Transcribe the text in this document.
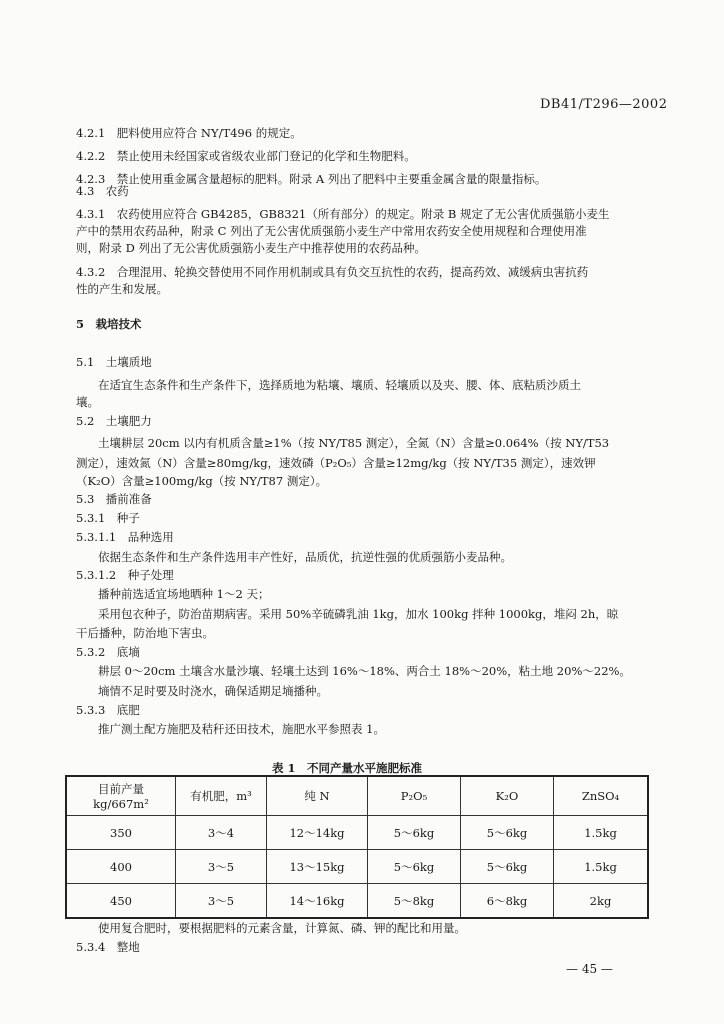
DB41/T296—2002
4.2.1　肥料使用应符合 NY/T496 的规定。
4.2.2　禁止使用未经国家或省级农业部门登记的化学和生物肥料。
4.2.3　禁止使用重金属含量超标的肥料。附录 A 列出了肥料中主要重金属含量的限量指标。
4.3　农药
4.3.1　农药使用应符合 GB4285，GB8321（所有部分）的规定。附录 B 规定了无公害优质强筋小麦生
产中的禁用农药品种，附录 C 列出了无公害优质强筋小麦生产中常用农药安全使用规程和合理使用准
则，附录 D 列出了无公害优质强筋小麦生产中推荐使用的农药品种。
4.3.2　合理混用、轮换交替使用不同作用机制或具有负交互抗性的农药，提高药效、减缓病虫害抗药
性的产生和发展。
5　栽培技术
5.1　土壤质地
在适宜生态条件和生产条件下，选择质地为粘壤、壤质、轻壤质以及夹、腰、体、底粘质沙质土
壤。
5.2　土壤肥力
土壤耕层 20cm 以内有机质含量≥1%（按 NY/T85 测定），全氮（N）含量≥0.064%（按 NY/T53
测定），速效氮（N）含量≥80mg/kg，速效磷（P₂O₅）含量≥12mg/kg（按 NY/T35 测定），速效钾
（K₂O）含量≥100mg/kg（按 NY/T87 测定）。
5.3　播前准备
5.3.1　种子
5.3.1.1　品种选用
依据生态条件和生产条件选用丰产性好，品质优，抗逆性强的优质强筋小麦品种。
5.3.1.2　种子处理
播种前选适宜场地晒种 1～2 天；
采用包衣种子，防治苗期病害。采用 50%辛硫磷乳油 1kg，加水 100kg 拌种 1000kg，堆闷 2h，晾
干后播种，防治地下害虫。
5.3.2　底墒
耕层 0～20cm 土壤含水量沙壤、轻壤土达到 16%～18%、两合土 18%～20%，粘土地 20%～22%。
墒情不足时要及时浇水，确保适期足墒播种。
5.3.3　底肥
推广测土配方施肥及秸秆还田技术，施肥水平参照表 1。
表 1　不同产量水平施肥标准
目前产量
kg/667m²	有机肥，m³	纯 N	P₂O₅	K₂O	ZnSO₄
350	3～4	12～14kg	5～6kg	5～6kg	1.5kg
400	3～5	13～15kg	5～6kg	5～6kg	1.5kg
450	3～5	14～16kg	5～8kg	6～8kg	2kg
使用复合肥时，要根据肥料的元素含量，计算氮、磷、钾的配比和用量。
5.3.4　整地
— 45 —
